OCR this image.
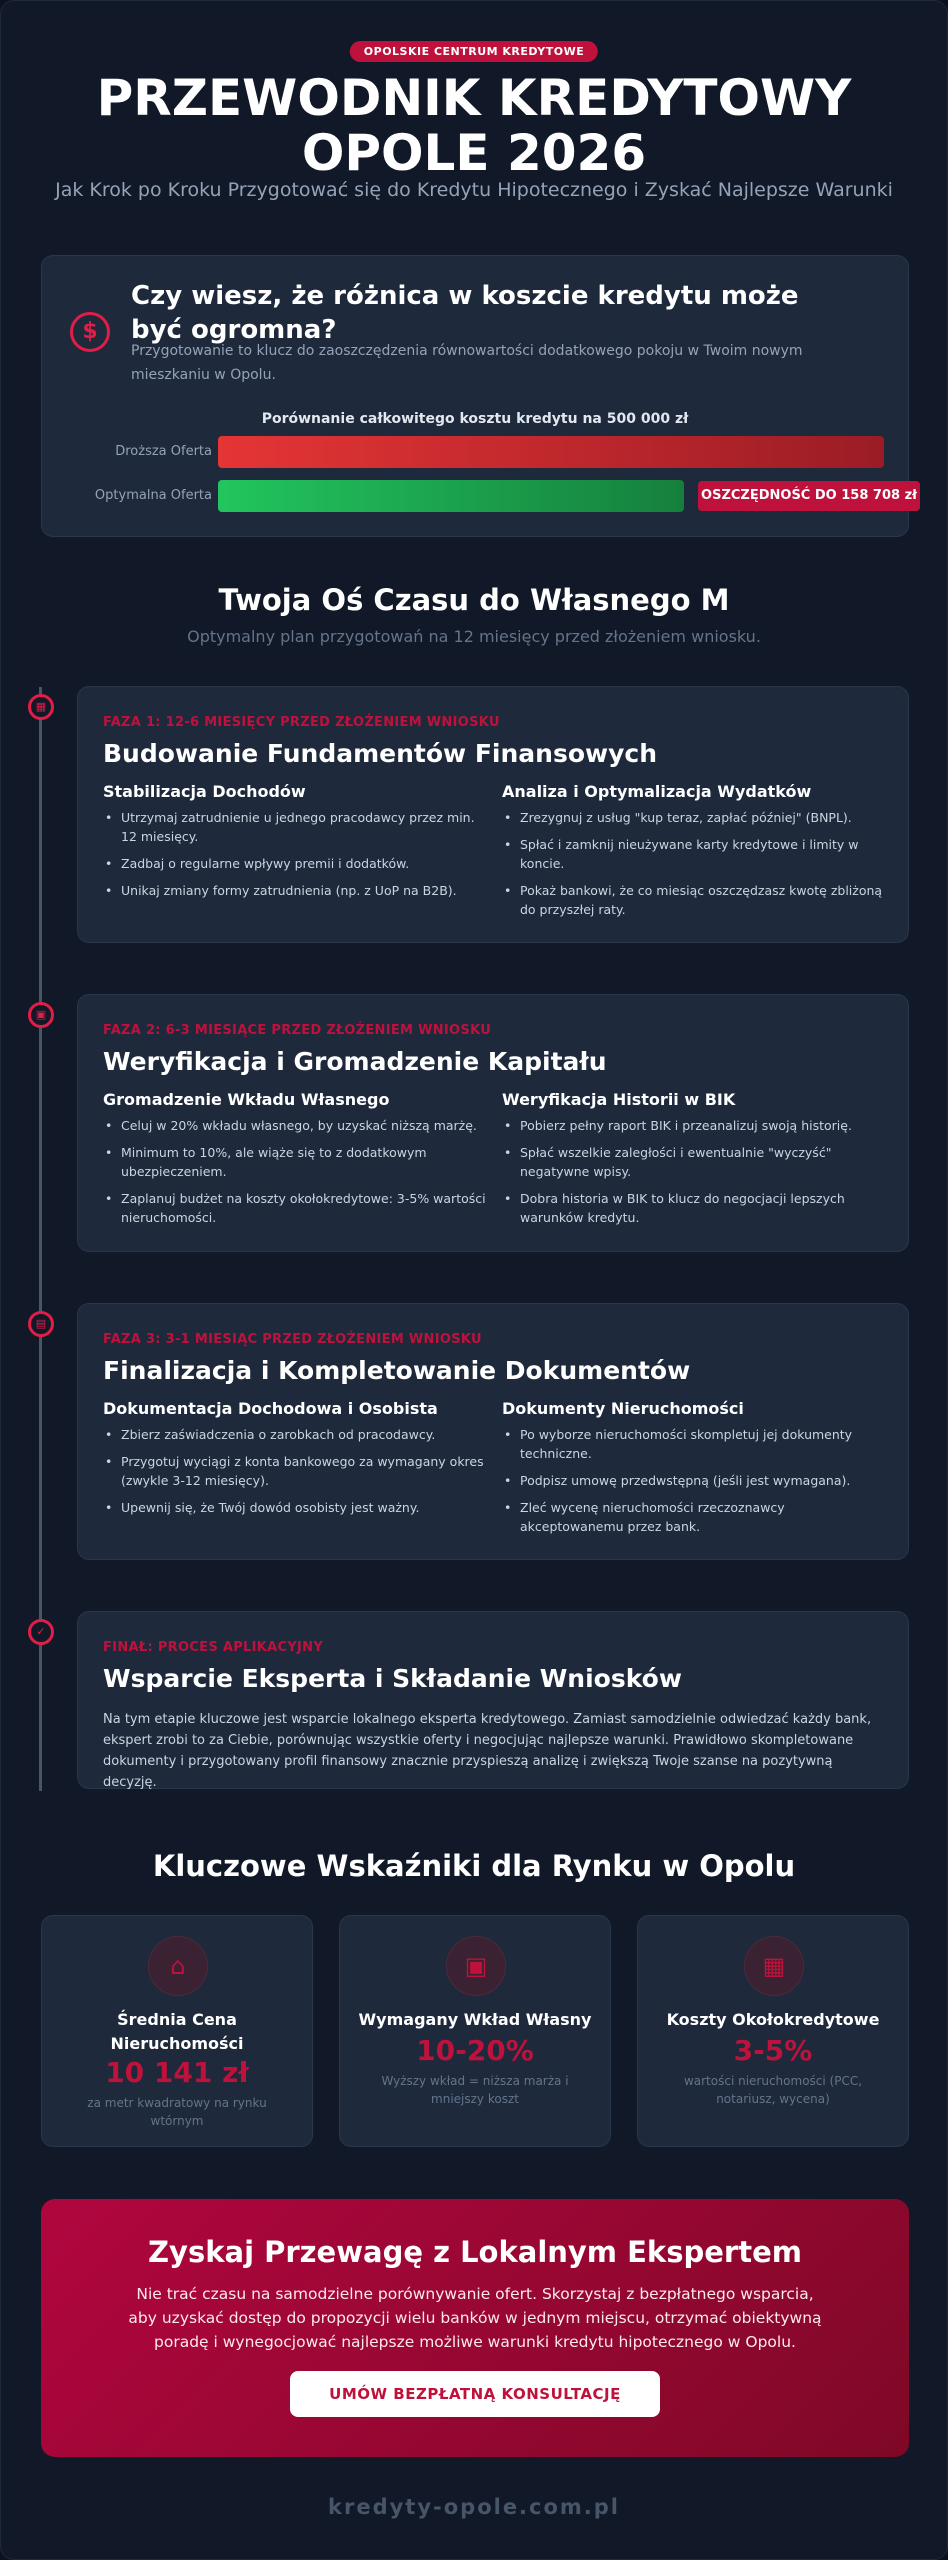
OPOLSKIE CENTRUM KREDYTOWE
PRZEWODNIK KREDYTOWY
OPOLE 2026
Jak Krok po Kroku Przygotować się do Kredytu Hipotecznego i Zyskać Najlepsze Warunki
$
Czy wiesz, że różnica w koszcie kredytu może być ogromna?
Przygotowanie to klucz do zaoszczędzenia równowartości dodatkowego pokoju w Twoim nowym mieszkaniu w Opolu.
Porównanie całkowitego kosztu kredytu na 500 000 zł
Droższa Oferta
Optymalna Oferta	OSZCZĘDNOŚĆ DO 158 708 zł
Twoja Oś Czasu do Własnego M
Optymalny plan przygotowań na 12 miesięcy przed złożeniem wniosku.
▦
FAZA 1: 12-6 MIESIĘCY PRZED ZŁOŻENIEM WNIOSKU
Budowanie Fundamentów Finansowych
Stabilizacja Dochodów
• Utrzymaj zatrudnienie u jednego pracodawcy przez min. 12 miesięcy.
• Zadbaj o regularne wpływy premii i dodatków.
• Unikaj zmiany formy zatrudnienia (np. z UoP na B2B).
Analiza i Optymalizacja Wydatków
• Zrezygnuj z usług "kup teraz, zapłać później" (BNPL).
• Spłać i zamknij nieużywane karty kredytowe i limity w koncie.
• Pokaż bankowi, że co miesiąc oszczędzasz kwotę zbliżoną do przyszłej raty.
▣
FAZA 2: 6-3 MIESIĄCE PRZED ZŁOŻENIEM WNIOSKU
Weryfikacja i Gromadzenie Kapitału
Gromadzenie Wkładu Własnego
• Celuj w 20% wkładu własnego, by uzyskać niższą marżę.
• Minimum to 10%, ale wiąże się to z dodatkowym ubezpieczeniem.
• Zaplanuj budżet na koszty okołokredytowe: 3-5% wartości nieruchomości.
Weryfikacja Historii w BIK
• Pobierz pełny raport BIK i przeanalizuj swoją historię.
• Spłać wszelkie zaległości i ewentualnie "wyczyść" negatywne wpisy.
• Dobra historia w BIK to klucz do negocjacji lepszych warunków kredytu.
▤
FAZA 3: 3-1 MIESIĄC PRZED ZŁOŻENIEM WNIOSKU
Finalizacja i Kompletowanie Dokumentów
Dokumentacja Dochodowa i Osobista
• Zbierz zaświadczenia o zarobkach od pracodawcy.
• Przygotuj wyciągi z konta bankowego za wymagany okres (zwykle 3-12 miesięcy).
• Upewnij się, że Twój dowód osobisty jest ważny.
Dokumenty Nieruchomości
• Po wyborze nieruchomości skompletuj jej dokumenty techniczne.
• Podpisz umowę przedwstępną (jeśli jest wymagana).
• Zleć wycenę nieruchomości rzeczoznawcy akceptowanemu przez bank.
✓
FINAŁ: PROCES APLIKACYJNY
Wsparcie Eksperta i Składanie Wniosków
Na tym etapie kluczowe jest wsparcie lokalnego eksperta kredytowego. Zamiast samodzielnie odwiedzać każdy bank, ekspert zrobi to za Ciebie, porównując wszystkie oferty i negocjując najlepsze warunki. Prawidłowo skompletowane dokumenty i przygotowany profil finansowy znacznie przyspieszą analizę i zwiększą Twoje szanse na pozytywną decyzję.
Kluczowe Wskaźniki dla Rynku w Opolu
⌂
Średnia Cena Nieruchomości
10 141 zł
za metr kwadratowy na rynku wtórnym
▣
Wymagany Wkład Własny
10-20%
Wyższy wkład = niższa marża i mniejszy koszt
▦
Koszty Okołokredytowe
3-5%
wartości nieruchomości (PCC, notariusz, wycena)
Zyskaj Przewagę z Lokalnym Ekspertem
Nie trać czasu na samodzielne porównywanie ofert. Skorzystaj z bezpłatnego wsparcia, aby uzyskać dostęp do propozycji wielu banków w jednym miejscu, otrzymać obiektywną poradę i wynegocjować najlepsze możliwe warunki kredytu hipotecznego w Opolu.
UMÓW BEZPŁATNĄ KONSULTACJĘ
kredyty-opole.com.pl
